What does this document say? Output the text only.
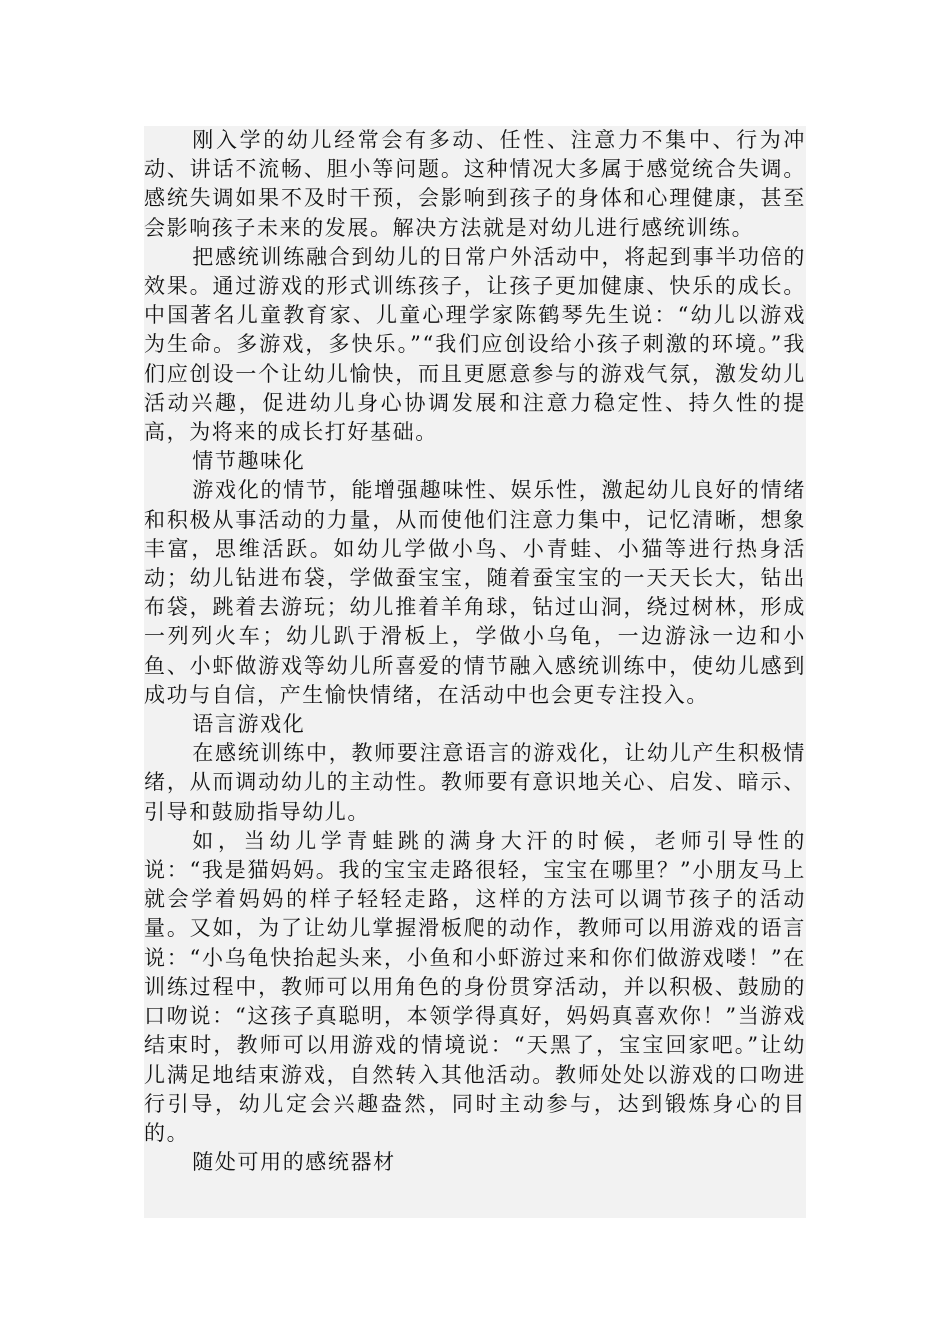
刚入学的幼儿经常会有多动、任性、注意力不集中、行为冲动、讲话不流畅、胆小等问题。这种情况大多属于感觉统合失调。感统失调如果不及时干预，会影响到孩子的身体和心理健康，甚至会影响孩子未来的发展。解决方法就是对幼儿进行感统训练。

把感统训练融合到幼儿的日常户外活动中，将起到事半功倍的效果。通过游戏的形式训练孩子，让孩子更加健康、快乐的成长。中国著名儿童教育家、儿童心理学家陈鹤琴先生说：“幼儿以游戏为生命。多游戏，多快乐。”“我们应创设给小孩子刺激的环境。”我们应创设一个让幼儿愉快，而且更愿意参与的游戏气氛，激发幼儿活动兴趣，促进幼儿身心协调发展和注意力稳定性、持久性的提高，为将来的成长打好基础。

情节趣味化

游戏化的情节，能增强趣味性、娱乐性，激起幼儿良好的情绪和积极从事活动的力量，从而使他们注意力集中，记忆清晰，想象丰富，思维活跃。如幼儿学做小鸟、小青蛙、小猫等进行热身活动；幼儿钻进布袋，学做蚕宝宝，随着蚕宝宝的一天天长大，钻出布袋，跳着去游玩；幼儿推着羊角球，钻过山洞，绕过树林，形成一列列火车；幼儿趴于滑板上，学做小乌龟，一边游泳一边和小鱼、小虾做游戏等幼儿所喜爱的情节融入感统训练中，使幼儿感到成功与自信，产生愉快情绪，在活动中也会更专注投入。

语言游戏化

在感统训练中，教师要注意语言的游戏化，让幼儿产生积极情绪，从而调动幼儿的主动性。教师要有意识地关心、启发、暗示、引导和鼓励指导幼儿。

如，当幼儿学青蛙跳的满身大汗的时候，老师引导性的说：“我是猫妈妈。我的宝宝走路很轻，宝宝在哪里？”小朋友马上就会学着妈妈的样子轻轻走路，这样的方法可以调节孩子的活动量。又如，为了让幼儿掌握滑板爬的动作，教师可以用游戏的语言说：“小乌龟快抬起头来，小鱼和小虾游过来和你们做游戏喽！”在训练过程中，教师可以用角色的身份贯穿活动，并以积极、鼓励的口吻说：“这孩子真聪明，本领学得真好，妈妈真喜欢你！”当游戏结束时，教师可以用游戏的情境说：“天黑了，宝宝回家吧。”让幼儿满足地结束游戏，自然转入其他活动。教师处处以游戏的口吻进行引导，幼儿定会兴趣盎然，同时主动参与，达到锻炼身心的目的。

随处可用的感统器材
